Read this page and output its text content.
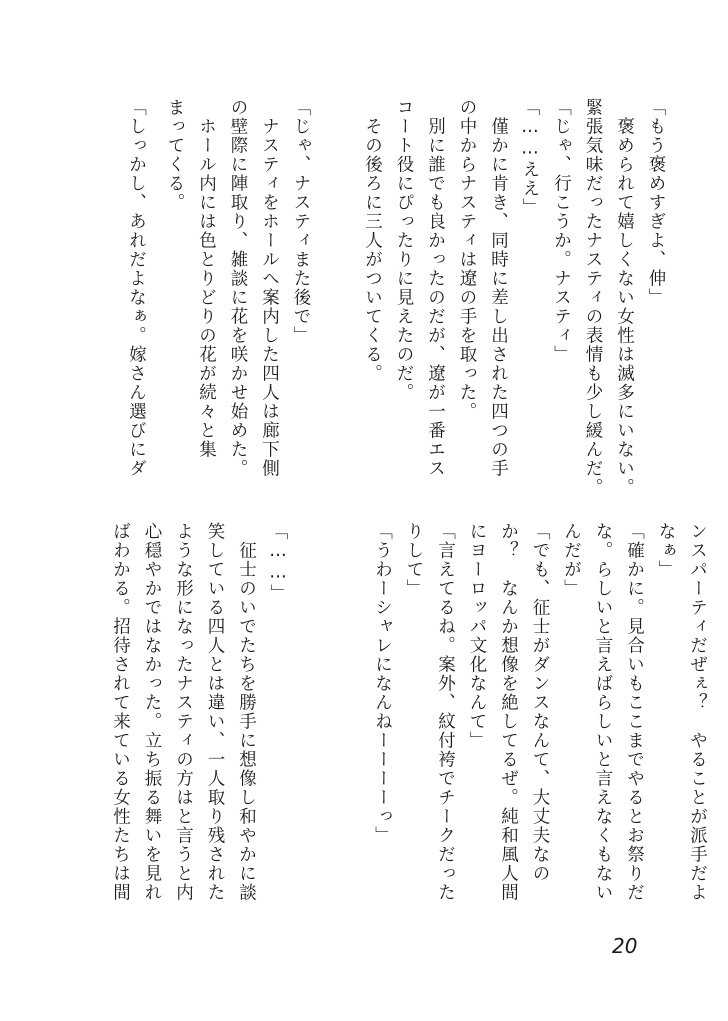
「もう褒めすぎよ、伸」
　褒められて嬉しくない女性は滅多にいない。
緊張気味だったナスティの表情も少し緩んだ。
「じゃ、行こうか。ナスティ」
「……ええ」
　僅かに肯き、同時に差し出された四つの手
の中からナスティは遼の手を取った。
　別に誰でも良かったのだが、遼が一番エス
コート役にぴったりに見えたのだ。
　その後ろに三人がついてくる。
「じゃ、ナスティまた後で」
　ナスティをホールへ案内した四人は廊下側
の壁際に陣取り、雑談に花を咲かせ始めた。
　ホール内には色とりどりの花が続々と集
まってくる。
「しっかし、あれだよなぁ。嫁さん選びにダ
ンスパーティだぜぇ？　やることが派手だよ
なぁ」
「確かに。見合いもここまでやるとお祭りだ
な。らしいと言えばらしいと言えなくもない
んだが」
「でも、征士がダンスなんて、大丈夫なの
か？　なんか想像を絶してるぜ。純和風人間
にヨーロッパ文化なんて」
「言えてるね。案外、紋付袴でチークだった
りして」
「うわーシャレになんねーーーーっ」
「……」
　征士のいでたちを勝手に想像し和やかに談
笑している四人とは違い、一人取り残された
ような形になったナスティの方はと言うと内
心穏やかではなかった。立ち振る舞いを見れ
ばわかる。招待されて来ている女性たちは間
20
